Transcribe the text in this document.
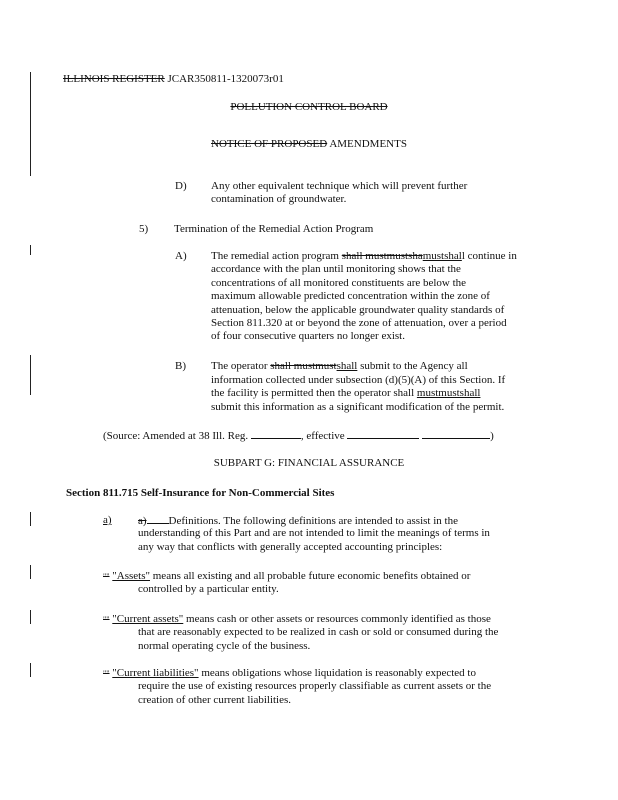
ILLINOIS REGISTER JCAR350811-1320073r01
POLLUTION CONTROL BOARD
NOTICE OF PROPOSED AMENDMENTS
D) Any other equivalent technique which will prevent further
contamination of groundwater.
5) Termination of the Remedial Action Program
A) The remedial action program shall mustmustshamustshall continue in
accordance with the plan until monitoring shows that the
concentrations of all monitored constituents are below the
maximum allowable predicted concentration within the zone of
attenuation, below the applicable groundwater quality standards of
Section 811.320 at or beyond the zone of attenuation, over a period
of four consecutive quarters no longer exist.
B) The operator shall mustmustshall submit to the Agency all
information collected under subsection (d)(5)(A) of this Section. If
the facility is permitted then the operator shall mustmustshall
submit this information as a significant modification of the permit.
(Source: Amended at 38 Ill. Reg.	, effective	)
SUBPART G: FINANCIAL ASSURANCE
Section 811.715 Self-Insurance for Non-Commercial Sites
a) a) Definitions. The following definitions are intended to assist in the
understanding of this Part and are not intended to limit the meanings of terms in
any way that conflicts with generally accepted accounting principles:
"" "Assets" means all existing and all probable future economic benefits obtained or
controlled by a particular entity.
"" "Current assets" means cash or other assets or resources commonly identified as those
that are reasonably expected to be realized in cash or sold or consumed during the
normal operating cycle of the business.
"" "Current liabilities" means obligations whose liquidation is reasonably expected to
require the use of existing resources properly classifiable as current assets or the
creation of other current liabilities.
